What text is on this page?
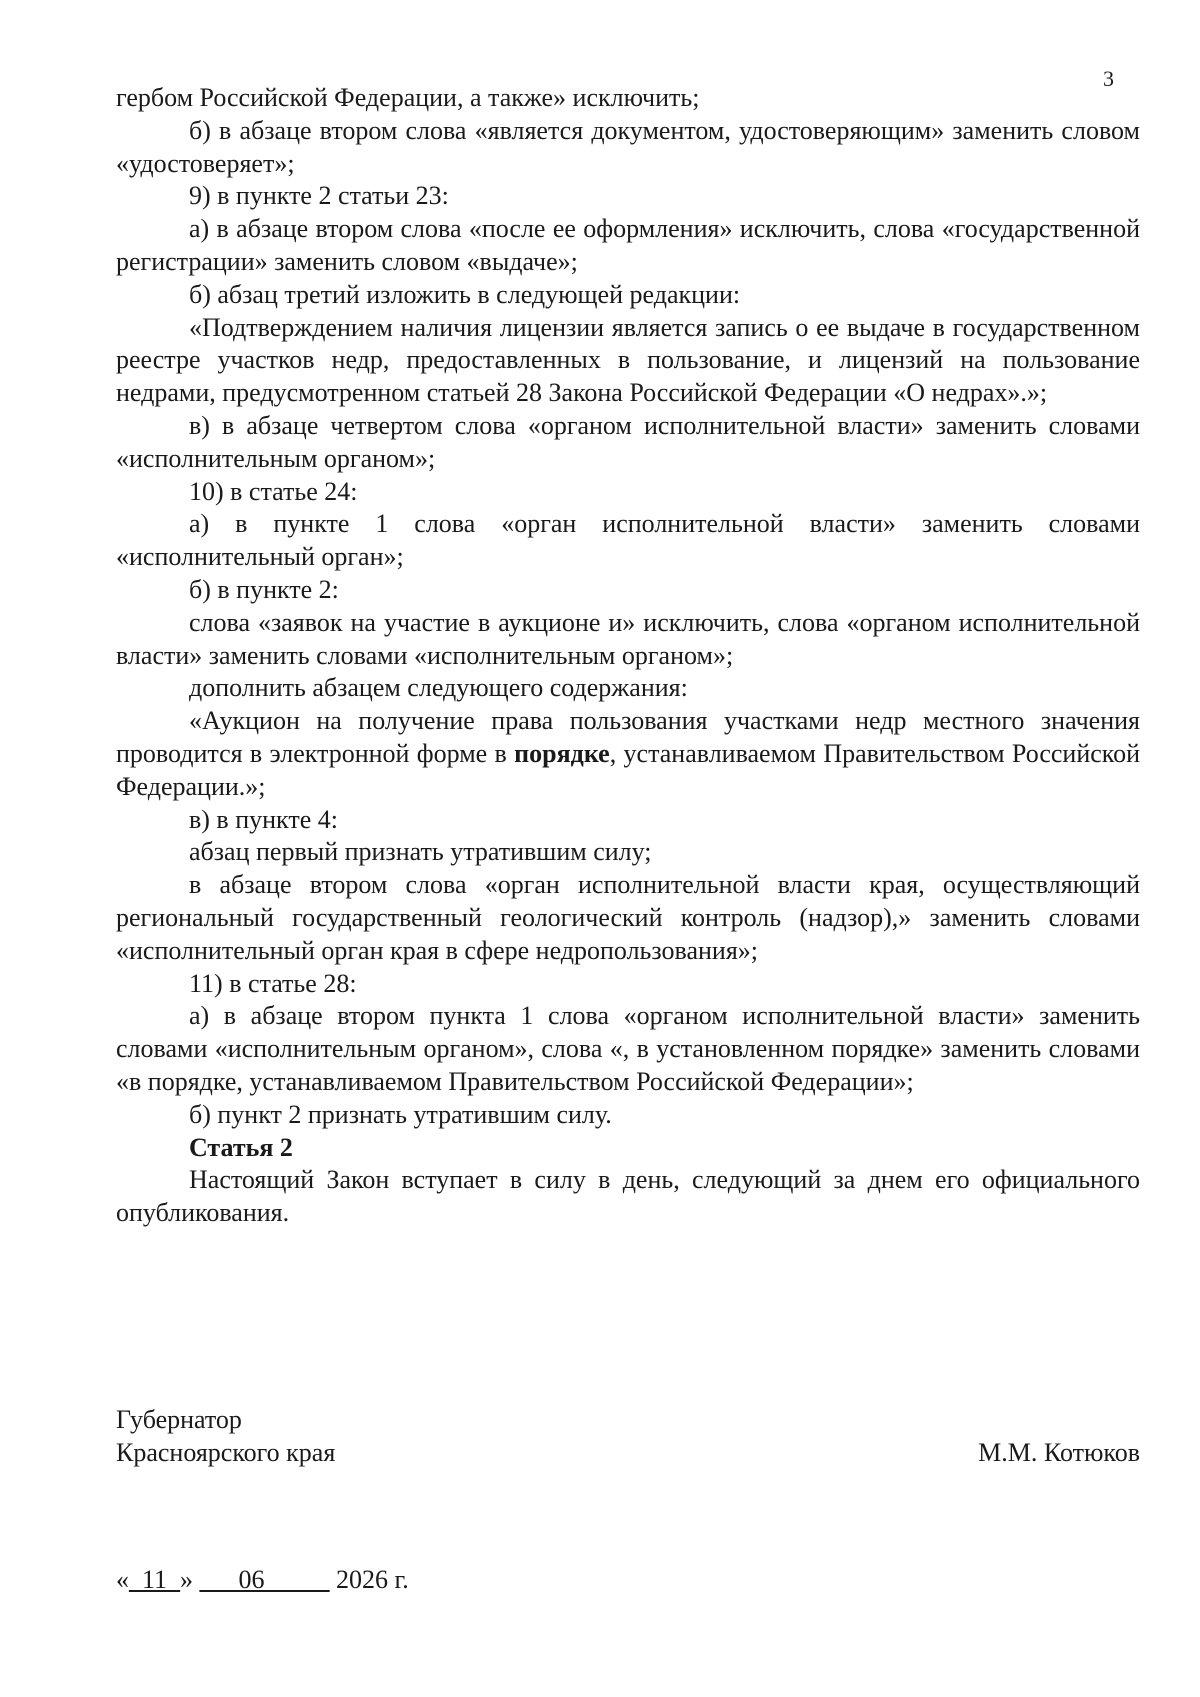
3

гербом Российской Федерации, а также» исключить;

б) в абзаце втором слова «является документом, удостоверяющим» заменить словом «удостоверяет»;

9) в пункте 2 статьи 23:

а) в абзаце втором слова «после ее оформления» исключить, слова «государственной регистрации» заменить словом «выдаче»;

б) абзац третий изложить в следующей редакции:

«Подтверждением наличия лицензии является запись о ее выдаче в государственном реестре участков недр, предоставленных в пользование, и лицензий на пользование недрами, предусмотренном статьей 28 Закона Российской Федерации «О недрах».»;

в) в абзаце четвертом слова «органом исполнительной власти» заменить словами «исполнительным органом»;

10) в статье 24:

а) в пункте 1 слова «орган исполнительной власти» заменить словами «исполнительный орган»;

б) в пункте 2:

слова «заявок на участие в аукционе и» исключить, слова «органом исполнительной власти» заменить словами «исполнительным органом»;

дополнить абзацем следующего содержания:

«Аукцион на получение права пользования участками недр местного значения проводится в электронной форме в порядке, устанавливаемом Правительством Российской Федерации.»;

в) в пункте 4:

абзац первый признать утратившим силу;

в абзаце втором слова «орган исполнительной власти края, осуществляющий региональный государственный геологический контроль (надзор),» заменить словами «исполнительный орган края в сфере недропользования»;

11) в статье 28:

а) в абзаце втором пункта 1 слова «органом исполнительной власти» заменить словами «исполнительным органом», слова «, в установленном порядке» заменить словами «в порядке, устанавливаемом Правительством Российской Федерации»;

б) пункт 2 признать утратившим силу.

Статья 2

Настоящий Закон вступает в силу в день, следующий за днем его официального опубликования.

Губернатор
Красноярского края	М.М. Котюков
«_11_» ___06_____ 2026 г.
